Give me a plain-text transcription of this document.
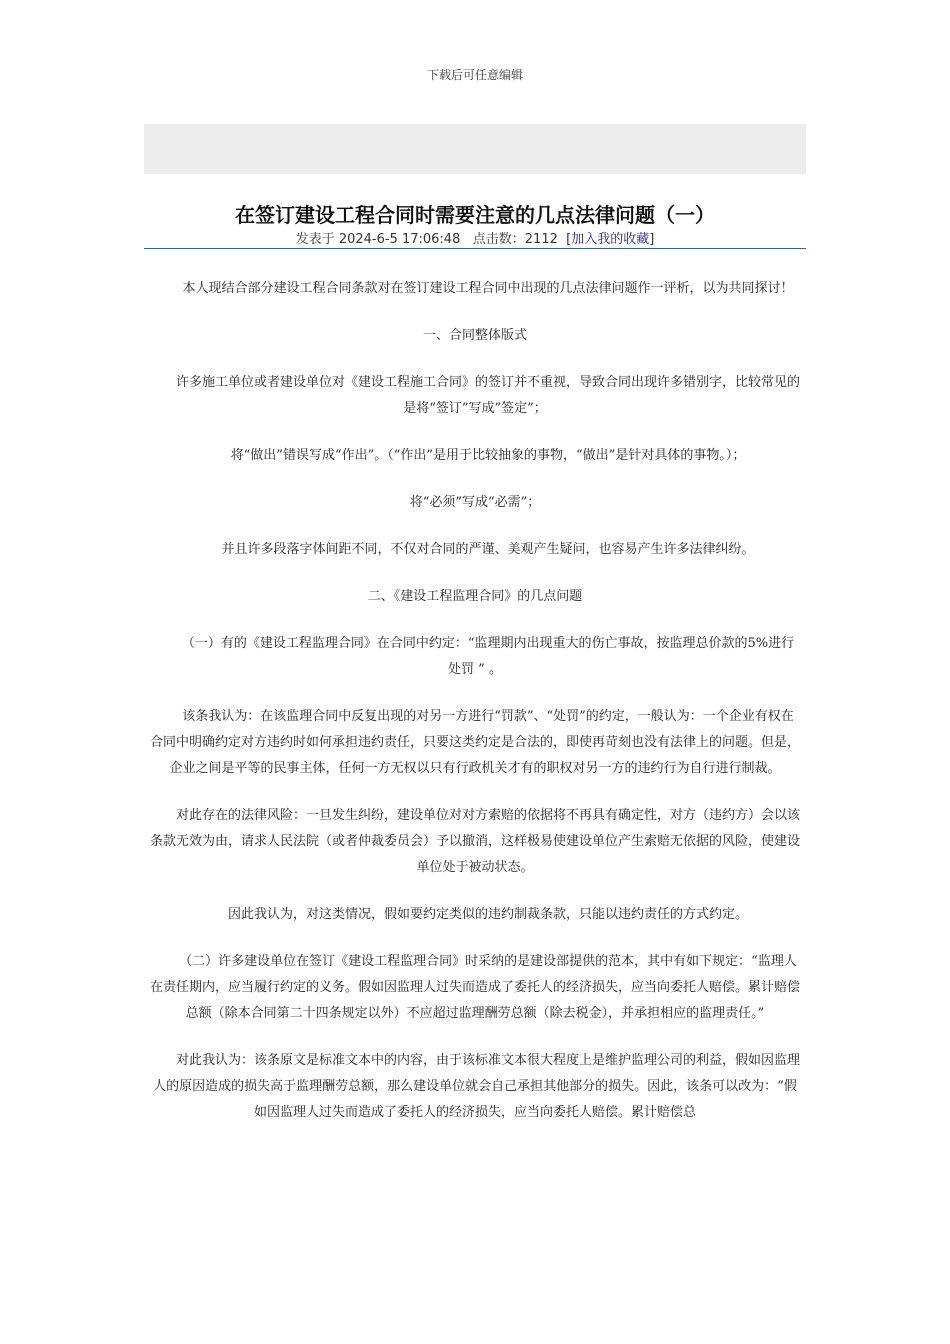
下载后可任意编辑
在签订建设工程合同时需要注意的几点法律问题（一）
发表于 2024-6-5 17:06:48 点击数：2112 [加入我的收藏]

本人现结合部分建设工程合同条款对在签订建设工程合同中出现的几点法律问题作一评析，以为共同探讨！

一、合同整体版式

许多施工单位或者建设单位对《建设工程施工合同》的签订并不重视，导致合同出现许多错别字，比较常见的是将“签订”写成”签定”；

将“做出”错误写成“作出”。（“作出”是用于比较抽象的事物，“做出”是针对具体的事物。）；

将“必须”写成“必需”；

并且许多段落字体间距不同，不仅对合同的严谨、美观产生疑问，也容易产生许多法律纠纷。

二、《建设工程监理合同》的几点问题

（一）有的《建设工程监理合同》在合同中约定：“监理期内出现重大的伤亡事故，按监理总价款的5%进行处罚 ” 。

该条我认为：在该监理合同中反复出现的对另一方进行“罚款”、“处罚”的约定，一般认为：一个企业有权在合同中明确约定对方违约时如何承担违约责任，只要这类约定是合法的，即使再苛刻也没有法律上的问题。但是，企业之间是平等的民事主体，任何一方无权以只有行政机关才有的职权对另一方的违约行为自行进行制裁。

对此存在的法律风险：一旦发生纠纷，建设单位对对方索赔的依据将不再具有确定性，对方（违约方）会以该条款无效为由，请求人民法院（或者仲裁委员会）予以撤消，这样极易使建设单位产生索赔无依据的风险，使建设单位处于被动状态。

因此我认为，对这类情况，假如要约定类似的违约制裁条款，只能以违约责任的方式约定。

（二）许多建设单位在签订《建设工程监理合同》时采纳的是建设部提供的范本，其中有如下规定：“监理人在责任期内，应当履行约定的义务。假如因监理人过失而造成了委托人的经济损失，应当向委托人赔偿。累计赔偿总额（除本合同第二十四条规定以外）不应超过监理酬劳总额（除去税金），并承担相应的监理责任。”

对此我认为：该条原文是标准文本中的内容，由于该标准文本很大程度上是维护监理公司的利益，假如因监理人的原因造成的损失高于监理酬劳总额，那么建设单位就会自己承担其他部分的损失。因此，该条可以改为：“假如因监理人过失而造成了委托人的经济损失，应当向委托人赔偿。累计赔偿总
